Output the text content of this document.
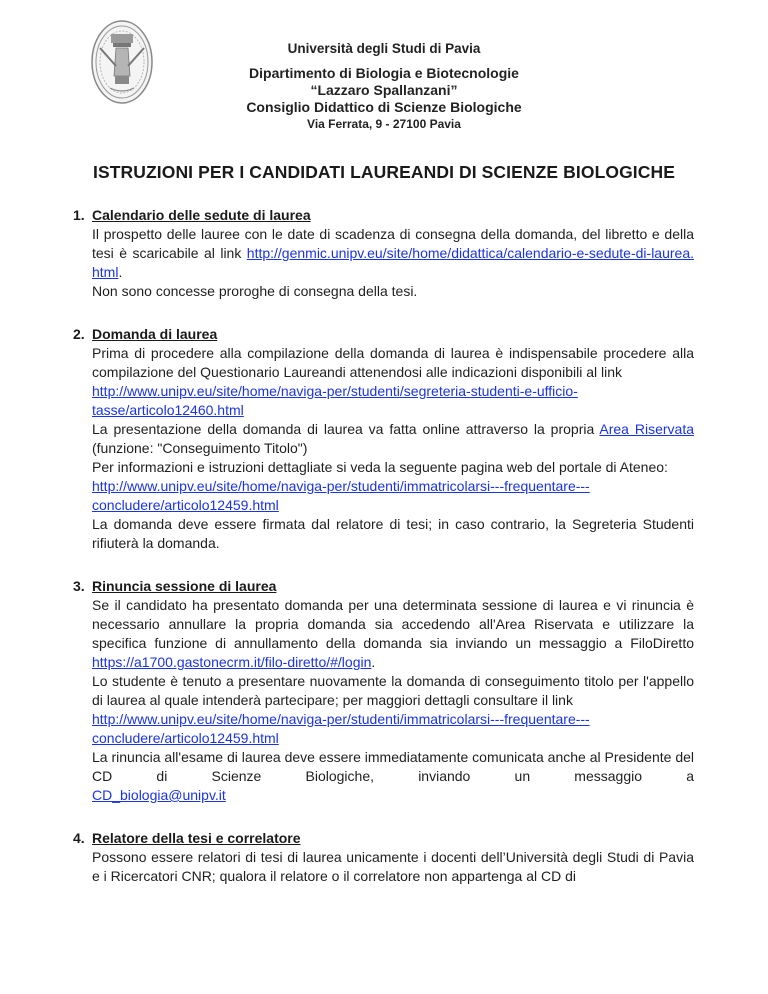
Università degli Studi di Pavia
Dipartimento di Biologia e Biotecnologie
“Lazzaro Spallanzani”
Consiglio Didattico di Scienze Biologiche
Via Ferrata, 9 - 27100 Pavia
ISTRUZIONI PER I CANDIDATI LAUREANDI DI SCIENZE BIOLOGICHE
1. Calendario delle sedute di laurea
Il prospetto delle lauree con le date di scadenza di consegna della domanda, del libretto e della tesi è scaricabile al link http://genmic.unipv.eu/site/home/didattica/calendario-e-sedute-di-laurea.html.
Non sono concesse proroghe di consegna della tesi.
2. Domanda di laurea
Prima di procedere alla compilazione della domanda di laurea è indispensabile procedere alla compilazione del Questionario Laureandi attenendosi alle indicazioni disponibili al link
http://www.unipv.eu/site/home/naviga-per/studenti/segreteria-studenti-e-ufficio-
tasse/articolo12460.html
La presentazione della domanda di laurea va fatta online attraverso la propria Area Riservata (funzione: "Conseguimento Titolo")
Per informazioni e istruzioni dettagliate si veda la seguente pagina web del portale di Ateneo:
http://www.unipv.eu/site/home/naviga-per/studenti/immatricolarsi---frequentare---
concludere/articolo12459.html
La domanda deve essere firmata dal relatore di tesi; in caso contrario, la Segreteria Studenti rifiuterà la domanda.
3. Rinuncia sessione di laurea
Se il candidato ha presentato domanda per una determinata sessione di laurea e vi rinuncia è necessario annullare la propria domanda sia accedendo all'Area Riservata e utilizzare la specifica funzione di annullamento della domanda sia inviando un messaggio a FiloDiretto https://a1700.gastonecrm.it/filo-diretto/#/login.
Lo studente è tenuto a presentare nuovamente la domanda di conseguimento titolo per l'appello di laurea al quale intenderà partecipare; per maggiori dettagli consultare il link
http://www.unipv.eu/site/home/naviga-per/studenti/immatricolarsi---frequentare---
concludere/articolo12459.html
La rinuncia all'esame di laurea deve essere immediatamente comunicata anche al Presidente del CD di Scienze Biologiche, inviando un messaggio a
CD_biologia@unipv.it
4. Relatore della tesi e correlatore
Possono essere relatori di tesi di laurea unicamente i docenti dell’Università degli Studi di Pavia e i Ricercatori CNR; qualora il relatore o il correlatore non appartenga al CD di
